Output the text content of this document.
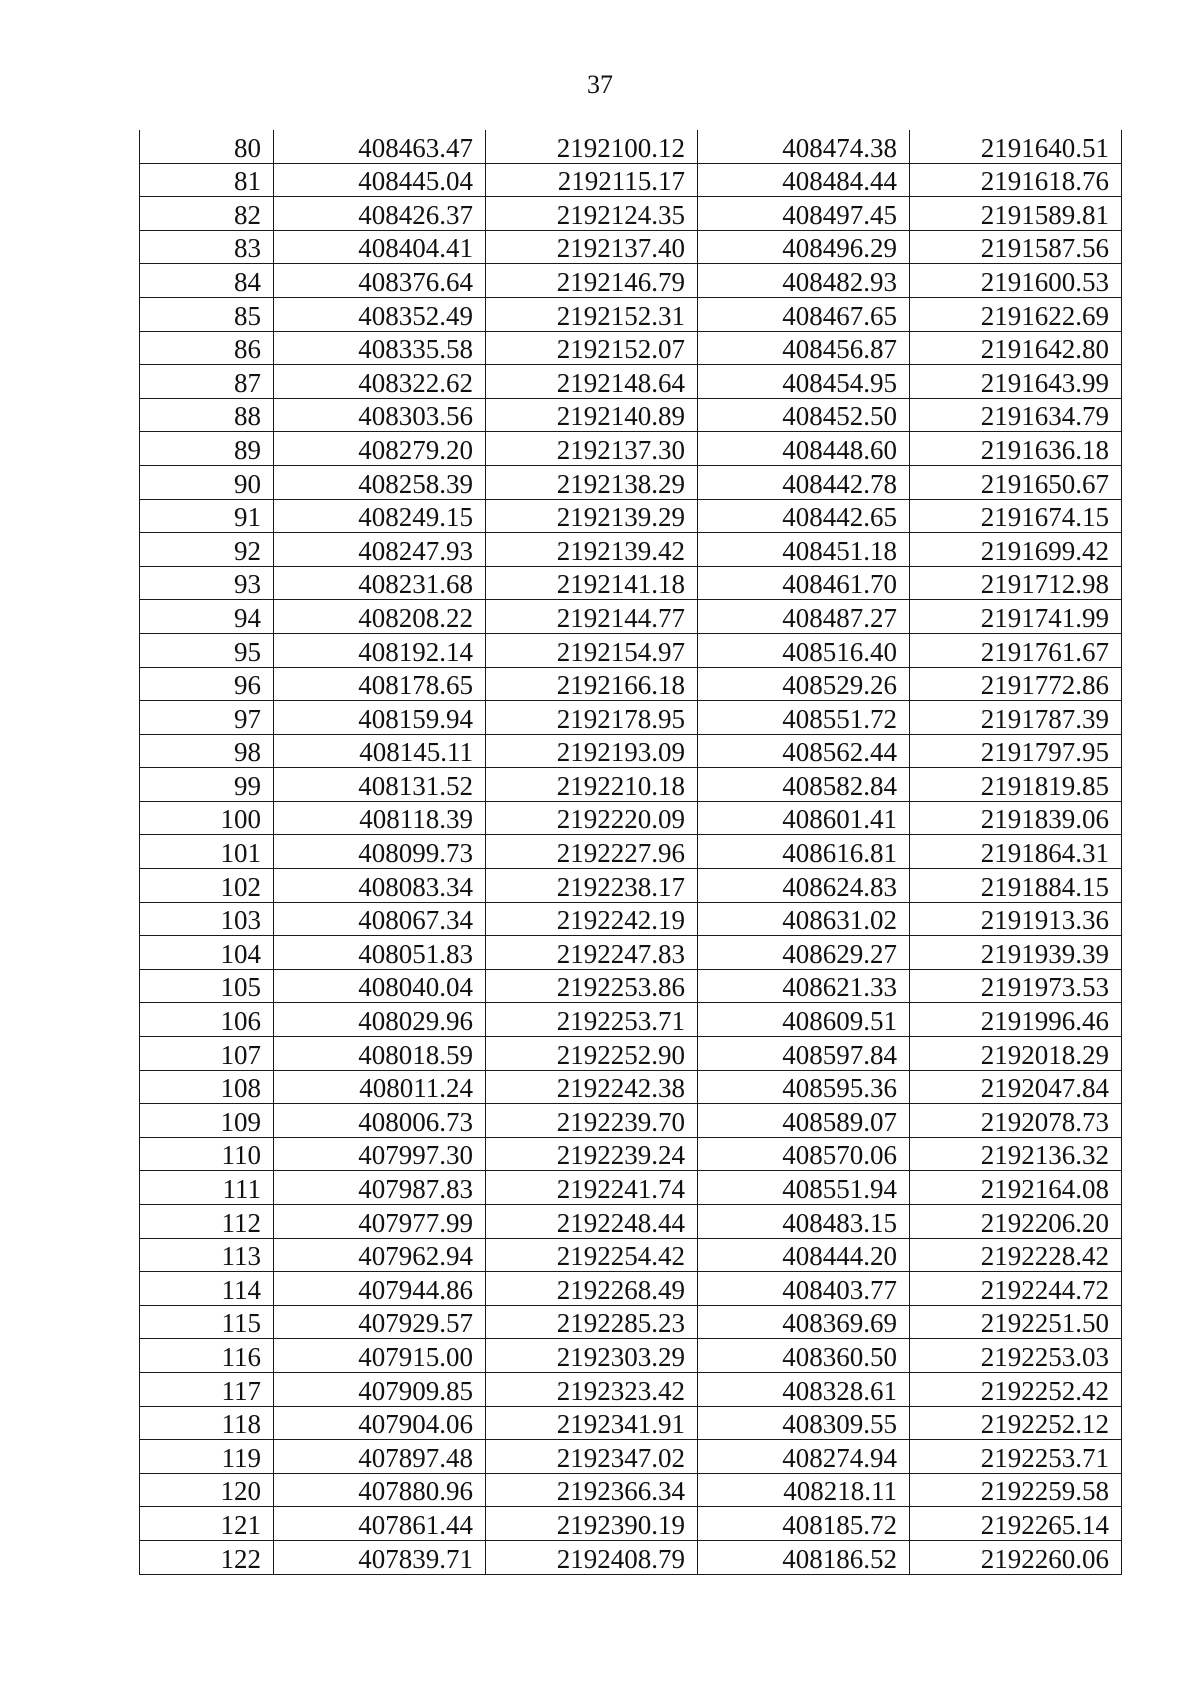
37
80	408463.47	2192100.12	408474.38	2191640.51
81	408445.04	2192115.17	408484.44	2191618.76
82	408426.37	2192124.35	408497.45	2191589.81
83	408404.41	2192137.40	408496.29	2191587.56
84	408376.64	2192146.79	408482.93	2191600.53
85	408352.49	2192152.31	408467.65	2191622.69
86	408335.58	2192152.07	408456.87	2191642.80
87	408322.62	2192148.64	408454.95	2191643.99
88	408303.56	2192140.89	408452.50	2191634.79
89	408279.20	2192137.30	408448.60	2191636.18
90	408258.39	2192138.29	408442.78	2191650.67
91	408249.15	2192139.29	408442.65	2191674.15
92	408247.93	2192139.42	408451.18	2191699.42
93	408231.68	2192141.18	408461.70	2191712.98
94	408208.22	2192144.77	408487.27	2191741.99
95	408192.14	2192154.97	408516.40	2191761.67
96	408178.65	2192166.18	408529.26	2191772.86
97	408159.94	2192178.95	408551.72	2191787.39
98	408145.11	2192193.09	408562.44	2191797.95
99	408131.52	2192210.18	408582.84	2191819.85
100	408118.39	2192220.09	408601.41	2191839.06
101	408099.73	2192227.96	408616.81	2191864.31
102	408083.34	2192238.17	408624.83	2191884.15
103	408067.34	2192242.19	408631.02	2191913.36
104	408051.83	2192247.83	408629.27	2191939.39
105	408040.04	2192253.86	408621.33	2191973.53
106	408029.96	2192253.71	408609.51	2191996.46
107	408018.59	2192252.90	408597.84	2192018.29
108	408011.24	2192242.38	408595.36	2192047.84
109	408006.73	2192239.70	408589.07	2192078.73
110	407997.30	2192239.24	408570.06	2192136.32
111	407987.83	2192241.74	408551.94	2192164.08
112	407977.99	2192248.44	408483.15	2192206.20
113	407962.94	2192254.42	408444.20	2192228.42
114	407944.86	2192268.49	408403.77	2192244.72
115	407929.57	2192285.23	408369.69	2192251.50
116	407915.00	2192303.29	408360.50	2192253.03
117	407909.85	2192323.42	408328.61	2192252.42
118	407904.06	2192341.91	408309.55	2192252.12
119	407897.48	2192347.02	408274.94	2192253.71
120	407880.96	2192366.34	408218.11	2192259.58
121	407861.44	2192390.19	408185.72	2192265.14
122	407839.71	2192408.79	408186.52	2192260.06
